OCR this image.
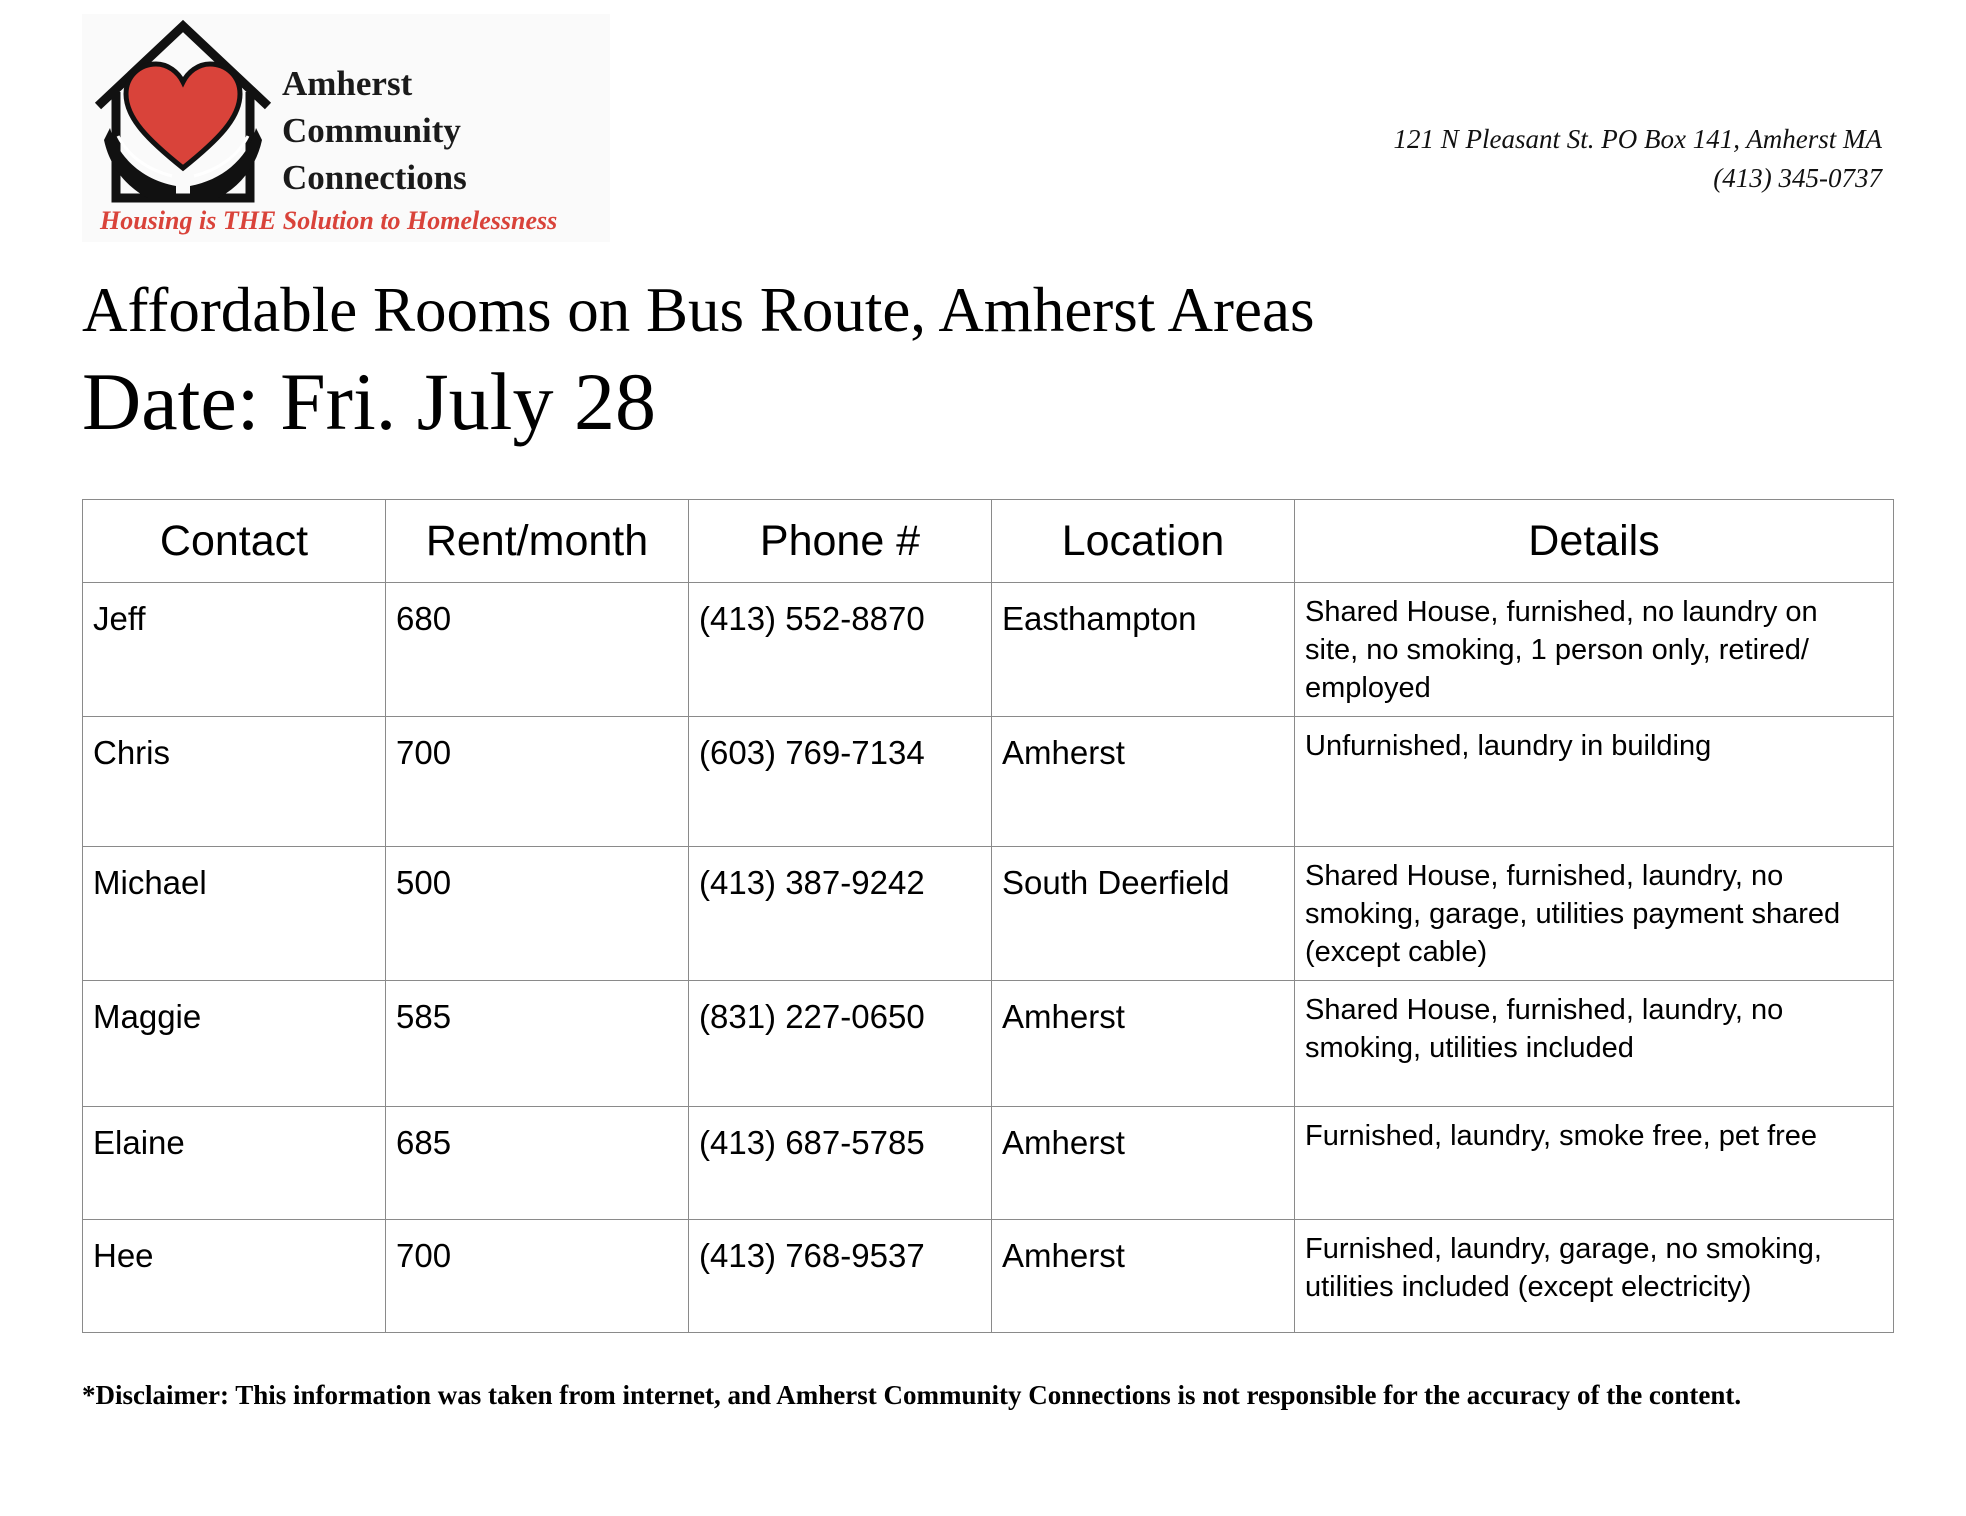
Amherst
Community
Connections
Housing is THE Solution to Homelessness
121 N Pleasant St. PO Box 141, Amherst MA
(413) 345-0737
Affordable Rooms on Bus Route, Amherst Areas
Date: Fri. July 28
Contact	Rent/month	Phone #	Location	Details
Jeff	680	(413) 552-8870	Easthampton	Shared House, furnished, no laundry on site, no smoking, 1 person only, retired/ employed
Chris	700	(603) 769-7134	Amherst	Unfurnished, laundry in building
Michael	500	(413) 387-9242	South Deerfield	Shared House, furnished, laundry, no smoking, garage, utilities payment shared (except cable)
Maggie	585	(831) 227-0650	Amherst	Shared House, furnished, laundry, no smoking, utilities included
Elaine	685	(413) 687-5785	Amherst	Furnished, laundry, smoke free, pet free
Hee	700	(413) 768-9537	Amherst	Furnished, laundry, garage, no smoking, utilities included (except electricity)
*Disclaimer: This information was taken from internet, and Amherst Community Connections is not responsible for the accuracy of the content.
